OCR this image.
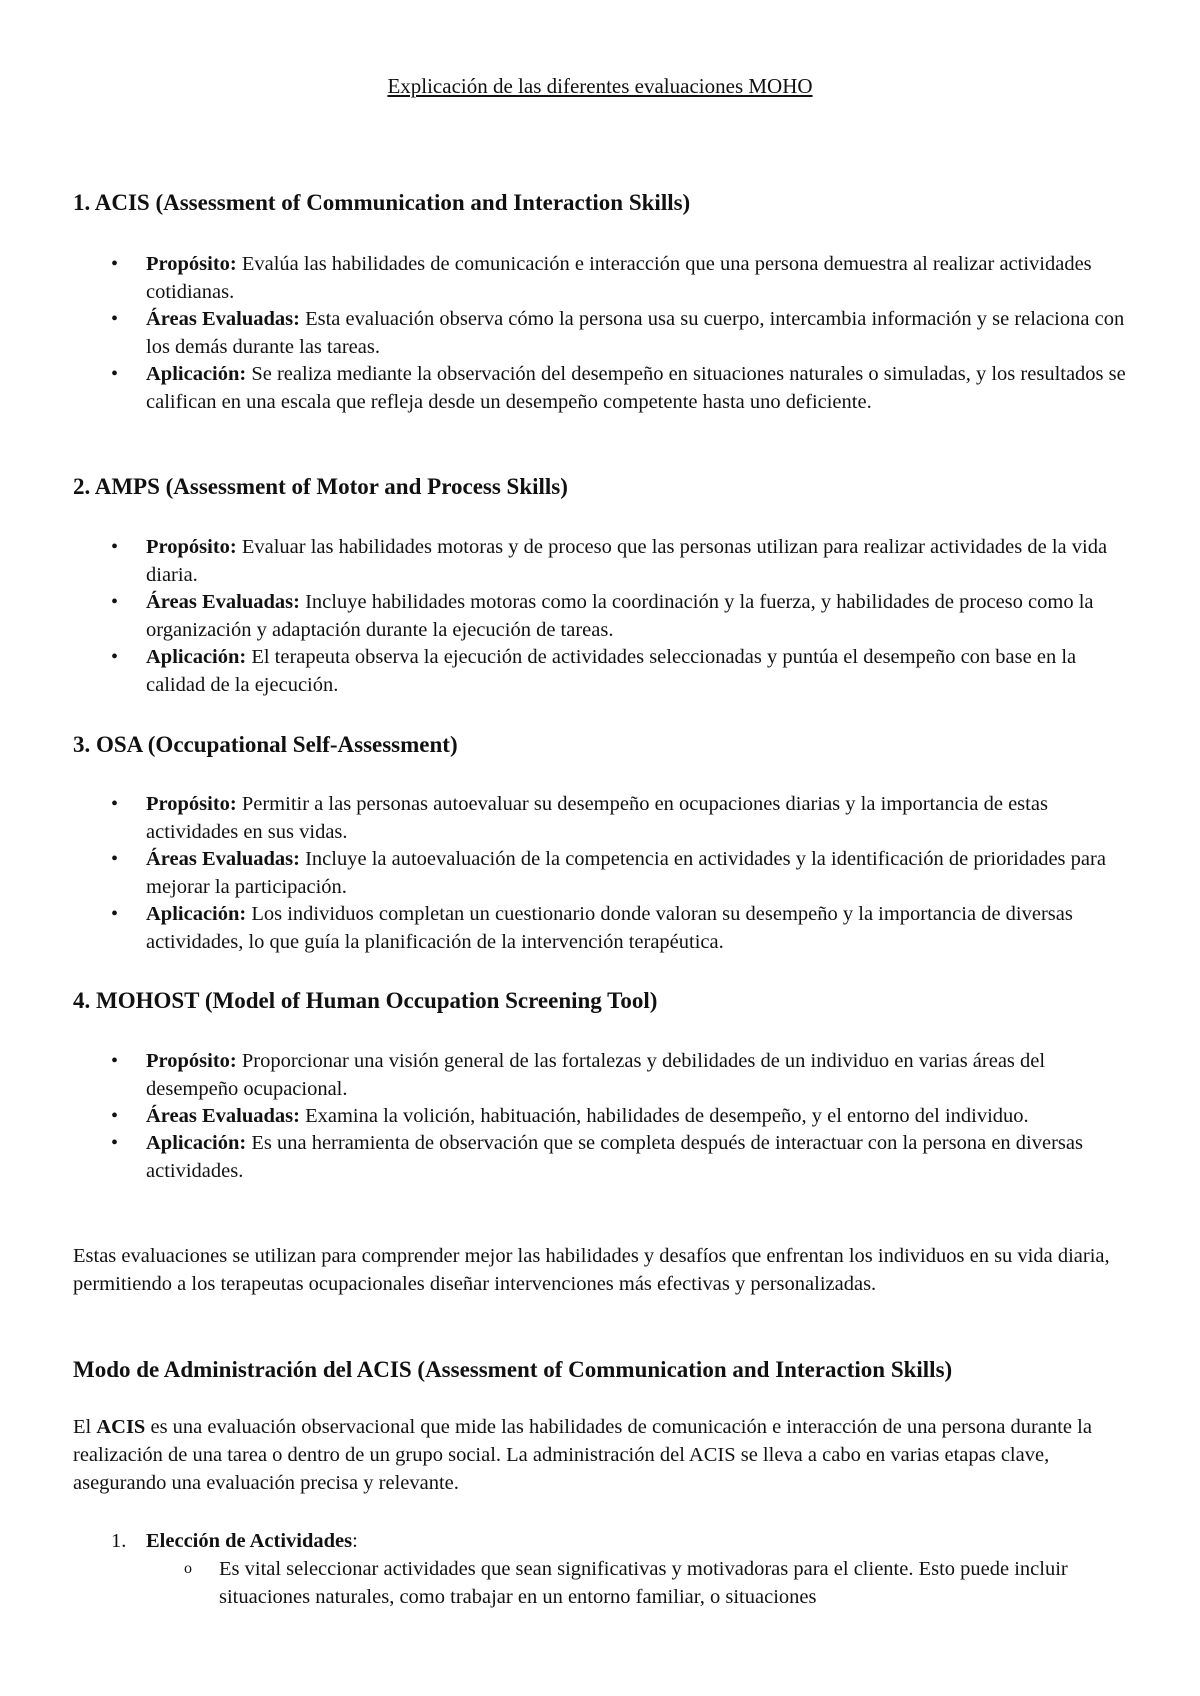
Explicación de las diferentes evaluaciones MOHO
1. ACIS (Assessment of Communication and Interaction Skills)
• Propósito: Evalúa las habilidades de comunicación e interacción que una persona demuestra al realizar actividades cotidianas.
• Áreas Evaluadas: Esta evaluación observa cómo la persona usa su cuerpo, intercambia información y se relaciona con los demás durante las tareas.
• Aplicación: Se realiza mediante la observación del desempeño en situaciones naturales o simuladas, y los resultados se califican en una escala que refleja desde un desempeño competente hasta uno deficiente.
2. AMPS (Assessment of Motor and Process Skills)
• Propósito: Evaluar las habilidades motoras y de proceso que las personas utilizan para realizar actividades de la vida diaria.
• Áreas Evaluadas: Incluye habilidades motoras como la coordinación y la fuerza, y habilidades de proceso como la organización y adaptación durante la ejecución de tareas.
• Aplicación: El terapeuta observa la ejecución de actividades seleccionadas y puntúa el desempeño con base en la calidad de la ejecución.
3. OSA (Occupational Self-Assessment)
• Propósito: Permitir a las personas autoevaluar su desempeño en ocupaciones diarias y la importancia de estas actividades en sus vidas.
• Áreas Evaluadas: Incluye la autoevaluación de la competencia en actividades y la identificación de prioridades para mejorar la participación.
• Aplicación: Los individuos completan un cuestionario donde valoran su desempeño y la importancia de diversas actividades, lo que guía la planificación de la intervención terapéutica.
4. MOHOST (Model of Human Occupation Screening Tool)
• Propósito: Proporcionar una visión general de las fortalezas y debilidades de un individuo en varias áreas del desempeño ocupacional.
• Áreas Evaluadas: Examina la volición, habituación, habilidades de desempeño, y el entorno del individuo.
• Aplicación: Es una herramienta de observación que se completa después de interactuar con la persona en diversas actividades.

Estas evaluaciones se utilizan para comprender mejor las habilidades y desafíos que enfrentan los individuos en su vida diaria, permitiendo a los terapeutas ocupacionales diseñar intervenciones más efectivas y personalizadas.

Modo de Administración del ACIS (Assessment of Communication and Interaction Skills)

El ACIS es una evaluación observacional que mide las habilidades de comunicación e interacción de una persona durante la realización de una tarea o dentro de un grupo social. La administración del ACIS se lleva a cabo en varias etapas clave, asegurando una evaluación precisa y relevante.

1. Elección de Actividades:
o Es vital seleccionar actividades que sean significativas y motivadoras para el cliente. Esto puede incluir situaciones naturales, como trabajar en un entorno familiar, o situaciones
